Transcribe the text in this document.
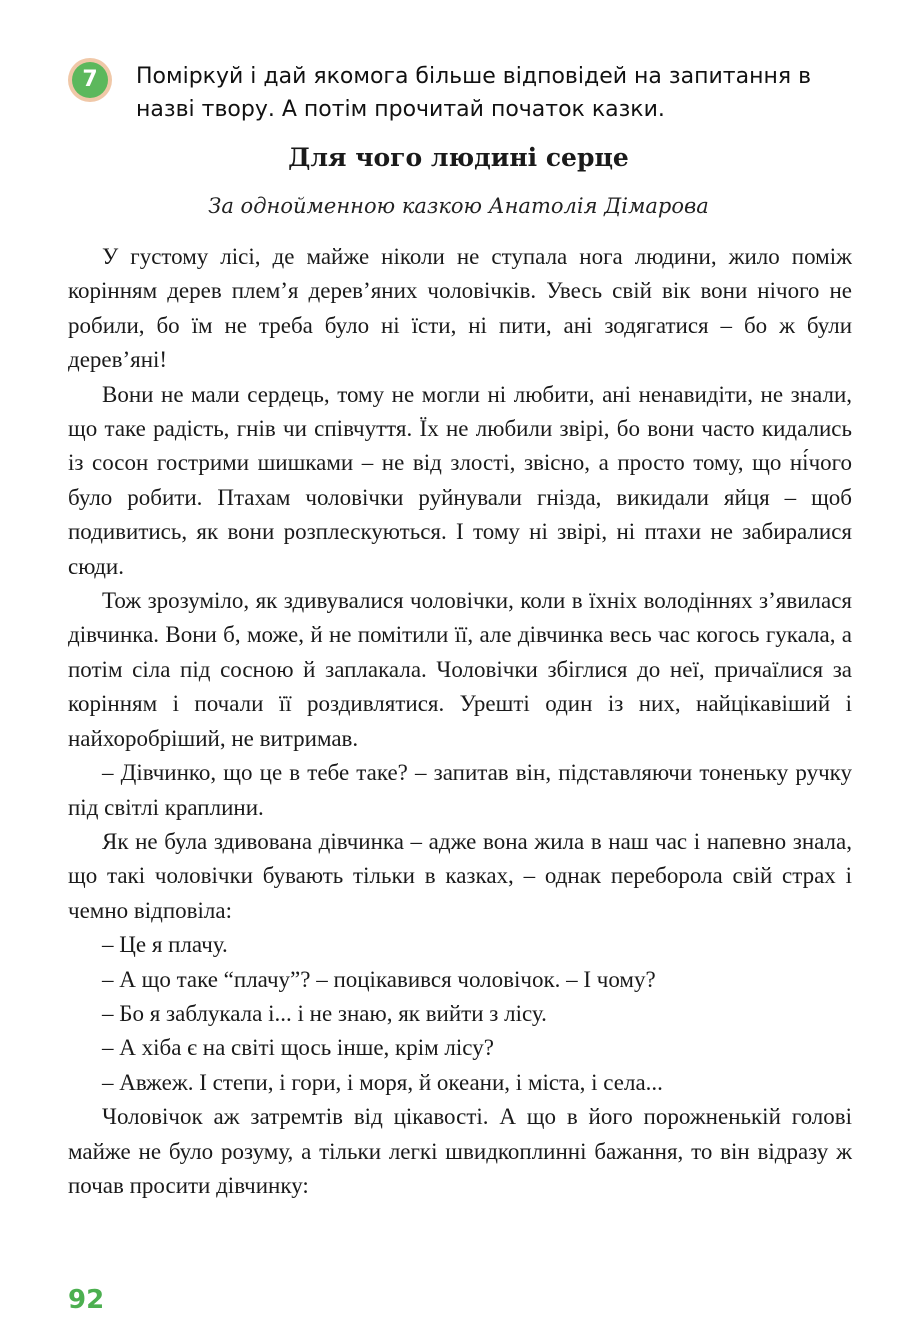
7	Поміркуй і дай якомога більше відповідей на запитання в назві твору. А потім прочитай початок казки.
Для чого людині серце
За однойменною казкою Анатолія Дімарова

У густому лісі, де майже ніколи не ступала нога людини, жило поміж корінням дерев плем’я дерев’яних чоловічків. Увесь свій вік вони нічого не робили, бо їм не треба було ні їсти, ні пити, ані зодягатися – бо ж були дерев’яні!

Вони не мали сердець, тому не могли ні любити, ані ненавидіти, не знали, що таке радість, гнів чи співчуття. Їх не любили звірі, бо вони часто кидались із сосон гострими шишками – не від злості, звісно, а просто тому, що ні́чого було робити. Птахам чоловічки руйнували гнізда, викидали яйця – щоб подивитись, як вони розплескуються. І тому ні звірі, ні птахи не забиралися сюди.

Тож зрозуміло, як здивувалися чоловічки, коли в їхніх володіннях з’явилася дівчинка. Вони б, може, й не помітили її, але дівчинка весь час когось гукала, а потім сіла під сосною й заплакала. Чоловічки збіглися до неї, причаїлися за корінням і почали її роздивлятися. Урешті один із них, найцікавіший і найхоробріший, не витримав.

– Дівчинко, що це в тебе таке? – запитав він, підставляючи тоненьку ручку під світлі краплини.

Як не була здивована дівчинка – адже вона жила в наш час і напевно знала, що такі чоловічки бувають тільки в казках, – однак переборола свій страх і чемно відповіла:

– Це я плачу.

– А що таке “плачу”? – поцікавився чоловічок. – І чому?

– Бо я заблукала і... і не знаю, як вийти з лісу.

– А хіба є на світі щось інше, крім лісу?

– Авжеж. І степи, і гори, і моря, й океани, і міста, і села...

Чоловічок аж затремтів від цікавості. А що в його порожненькій голові майже не було розуму, а тільки легкі швидкоплинні бажання, то він відразу ж почав просити дівчинку:

92
